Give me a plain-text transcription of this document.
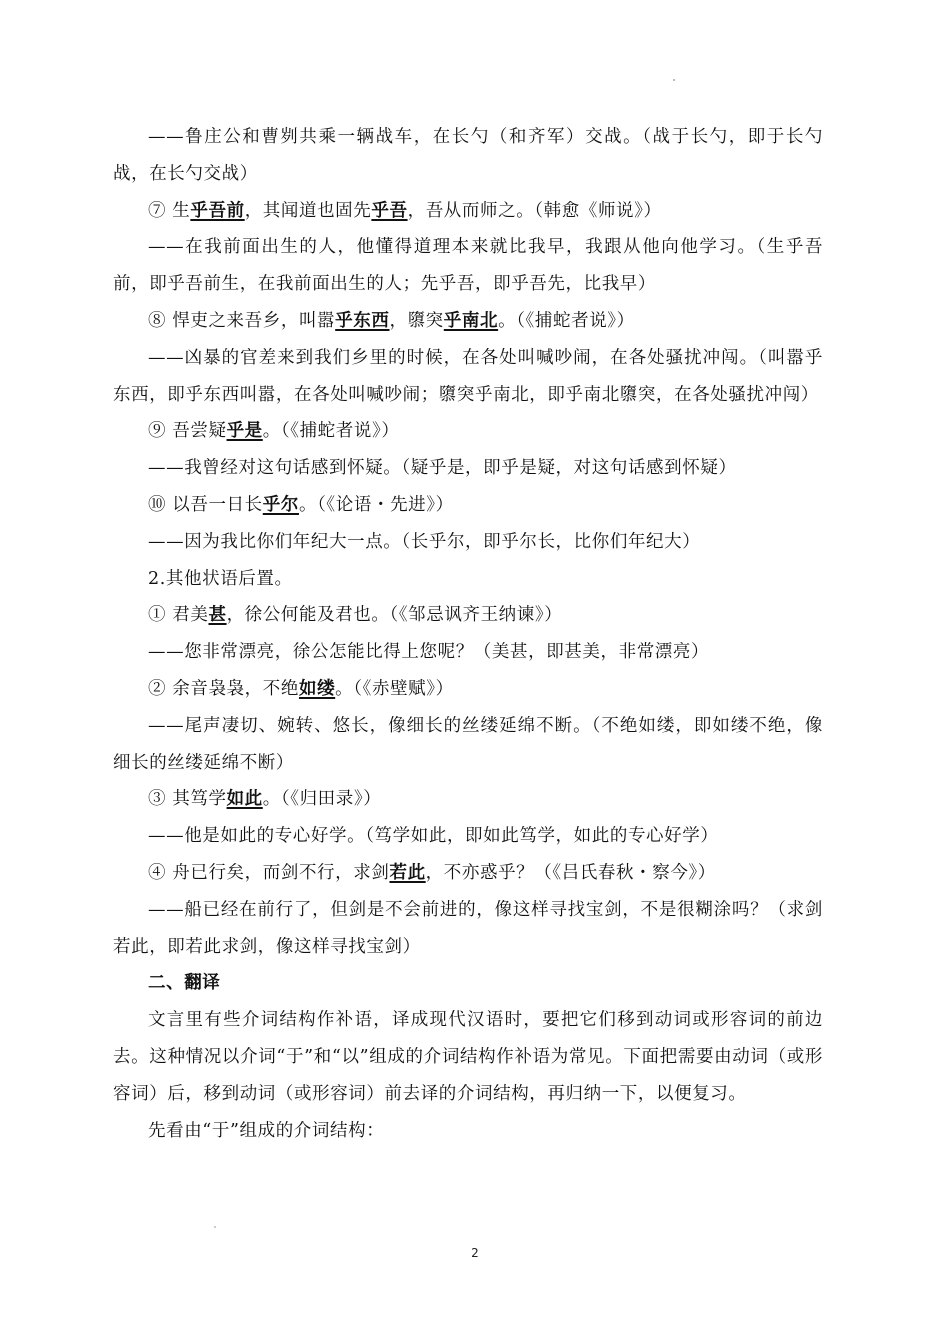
——鲁庄公和曹刿共乘一辆战车，在长勺（和齐军）交战。（战于长勺，即于长勺战，在长勺交战）

⑦ 生乎吾前，其闻道也固先乎吾，吾从而师之。（韩愈《师说》）

——在我前面出生的人，他懂得道理本来就比我早，我跟从他向他学习。（生乎吾前，即乎吾前生，在我前面出生的人；先乎吾，即乎吾先，比我早）

⑧ 悍吏之来吾乡，叫嚣乎东西，隳突乎南北。（《捕蛇者说》）

——凶暴的官差来到我们乡里的时候，在各处叫喊吵闹，在各处骚扰冲闯。（叫嚣乎东西，即乎东西叫嚣，在各处叫喊吵闹；隳突乎南北，即乎南北隳突，在各处骚扰冲闯）

⑨ 吾尝疑乎是。（《捕蛇者说》）

——我曾经对这句话感到怀疑。（疑乎是，即乎是疑，对这句话感到怀疑）

⑩ 以吾一日长乎尔。（《论语・先进》）

——因为我比你们年纪大一点。（长乎尔，即乎尔长，比你们年纪大）

2.其他状语后置。

① 君美甚，徐公何能及君也。（《邹忌讽齐王纳谏》）

——您非常漂亮，徐公怎能比得上您呢？（美甚，即甚美，非常漂亮）

② 余音袅袅，不绝如缕。（《赤壁赋》）

——尾声凄切、婉转、悠长，像细长的丝缕延绵不断。（不绝如缕，即如缕不绝，像细长的丝缕延绵不断）

③ 其笃学如此。（《归田录》）

——他是如此的专心好学。（笃学如此，即如此笃学，如此的专心好学）

④ 舟已行矣，而剑不行，求剑若此，不亦惑乎？（《吕氏春秋・察今》）

——船已经在前行了，但剑是不会前进的，像这样寻找宝剑，不是很糊涂吗？（求剑若此，即若此求剑，像这样寻找宝剑）

二、翻译

文言里有些介词结构作补语，译成现代汉语时，要把它们移到动词或形容词的前边去。这种情况以介词“于”和“以”组成的介词结构作补语为常见。下面把需要由动词（或形容词）后，移到动词（或形容词）前去译的介词结构，再归纳一下，以便复习。

先看由“于”组成的介词结构：

2
